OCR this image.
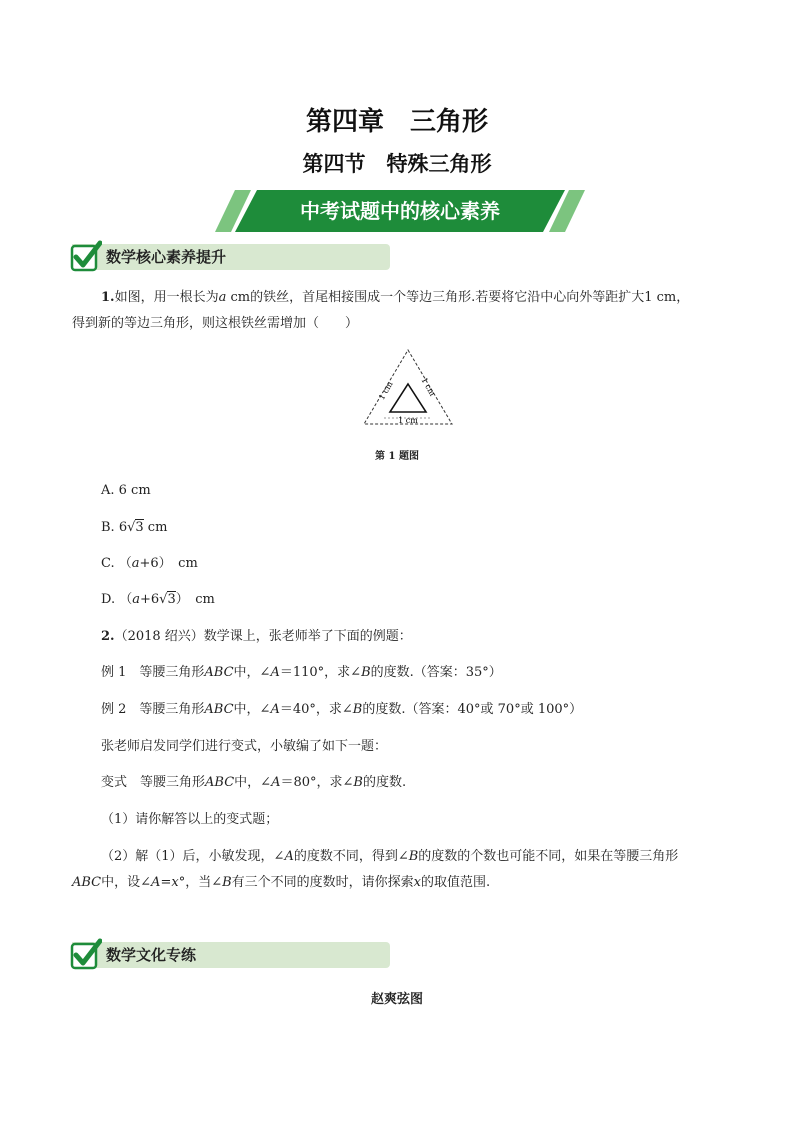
第四章　三角形
第四节　特殊三角形
中考试题中的核心素养
数学核心素养提升
1.如图，用一根长为a cm的铁丝，首尾相接围成一个等边三角形.若要将它沿中心向外等距扩大1 cm，
得到新的等边三角形，则这根铁丝需增加（　　）
1 cm
1 cm	1 cm
第 1 题图
A. 6 cm
B. 6√3 cm
C. （a+6）　cm
D. （a+6√3）　cm
2.（2018 绍兴）数学课上，张老师举了下面的例题：
例 1　等腰三角形ABC中，∠A＝110°，求∠B的度数.（答案：35°）
例 2　等腰三角形ABC中，∠A＝40°，求∠B的度数.（答案：40°或 70°或 100°）
张老师启发同学们进行变式，小敏编了如下一题：
变式　等腰三角形ABC中，∠A＝80°，求∠B的度数.
（1）请你解答以上的变式题；
（2）解（1）后，小敏发现，∠A的度数不同，得到∠B的度数的个数也可能不同，如果在等腰三角形
ABC中，设∠A=x°，当∠B有三个不同的度数时，请你探索x的取值范围.
数学文化专练
赵爽弦图
